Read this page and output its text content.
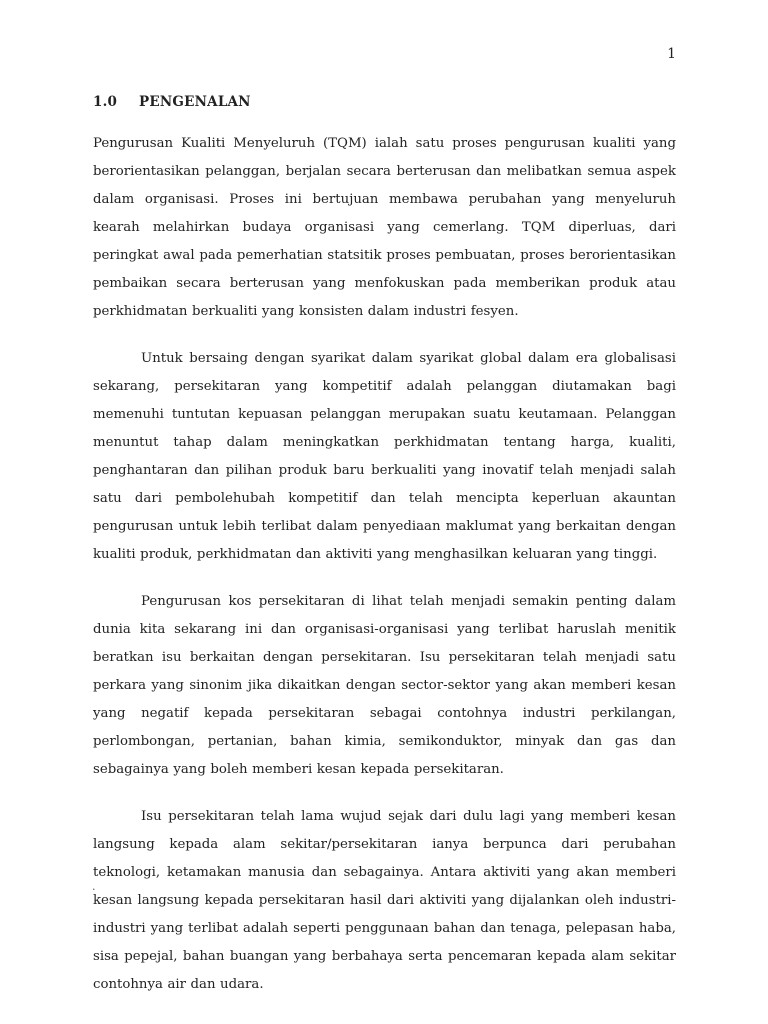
1
1.0 PENGENALAN

Pengurusan Kualiti Menyeluruh (TQM) ialah satu proses pengurusan kualiti yang berorientasikan pelanggan, berjalan secara berterusan dan melibatkan semua aspek dalam organisasi. Proses ini bertujuan membawa perubahan yang menyeluruh kearah melahirkan budaya organisasi yang cemerlang. TQM diperluas, dari peringkat awal pada pemerhatian statsitik proses pembuatan, proses berorientasikan pembaikan secara berterusan yang menfokuskan pada memberikan produk atau perkhidmatan berkualiti yang konsisten dalam industri fesyen.

Untuk bersaing dengan syarikat dalam syarikat global dalam era globalisasi sekarang, persekitaran yang kompetitif adalah pelanggan diutamakan bagi memenuhi tuntutan kepuasan pelanggan merupakan suatu keutamaan. Pelanggan menuntut tahap dalam meningkatkan perkhidmatan tentang harga, kualiti, penghantaran dan pilihan produk baru berkualiti yang inovatif telah menjadi salah satu dari pembolehubah kompetitif dan telah mencipta keperluan akauntan pengurusan untuk lebih terlibat dalam penyediaan maklumat yang berkaitan dengan kualiti produk, perkhidmatan dan aktiviti yang menghasilkan keluaran yang tinggi.

Pengurusan kos persekitaran di lihat telah menjadi semakin penting dalam dunia kita sekarang ini dan organisasi-organisasi yang terlibat haruslah menitik beratkan isu berkaitan dengan persekitaran. Isu persekitaran telah menjadi satu perkara yang sinonim jika dikaitkan dengan sector-sektor yang akan memberi kesan yang negatif kepada persekitaran sebagai contohnya industri perkilangan, perlombongan, pertanian, bahan kimia, semikonduktor, minyak dan gas dan sebagainya yang boleh memberi kesan kepada persekitaran.

Isu persekitaran telah lama wujud sejak dari dulu lagi yang memberi kesan langsung kepada alam sekitar/persekitaran ianya berpunca dari perubahan teknologi, ketamakan manusia dan sebagainya. Antara aktiviti yang akan memberi kesan langsung kepada persekitaran hasil dari aktiviti yang dijalankan oleh industri-industri yang terlibat adalah seperti penggunaan bahan dan tenaga, pelepasan haba, sisa pepejal, bahan buangan yang berbahaya serta pencemaran kepada alam sekitar contohnya air dan udara.

.
